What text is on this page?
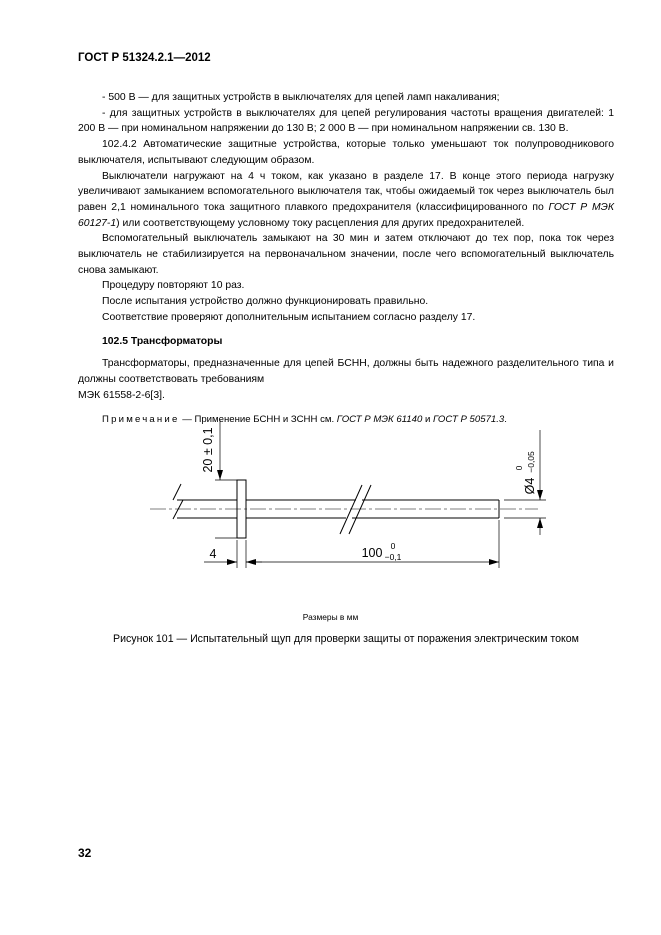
ГОСТ Р 51324.2.1—2012

- 500 В — для защитных устройств в выключателях для цепей ламп накаливания;

- для защитных устройств в выключателях для цепей регулирования частоты вращения двигателей: 1 200 В — при номинальном напряжении до 130 В; 2 000 В — при номинальном напряжении св. 130 В.

102.4.2 Автоматические защитные устройства, которые только уменьшают ток полупроводникового выключателя, испытывают следующим образом.

Выключатели нагружают на 4 ч током, как указано в разделе 17. В конце этого периода нагрузку увеличивают замыканием вспомогательного выключателя так, чтобы ожидаемый ток через выключатель был равен 2,1 номинального тока защитного плавкого предохранителя (классифицированного по ГОСТ Р МЭК 60127-1) или соответствующему условному току расцепления для других предохранителей.

Вспомогательный выключатель замыкают на 30 мин и затем отключают до тех пор, пока ток через выключатель не стабилизируется на первоначальном значении, после чего вспомогательный выключатель снова замыкают.

Процедуру повторяют 10 раз.

После испытания устройство должно функционировать правильно.

Соответствие проверяют дополнительным испытанием согласно разделу 17.

102.5 Трансформаторы

Трансформаторы, предназначенные для цепей БСНН, должны быть надежного разделительного типа и должны соответствовать требованиям

МЭК 61558-2-6[3].

Примечание — Применение БСНН и ЗСНН см. ГОСТ Р МЭК 61140 и ГОСТ Р 50571.3.

20 ± 0,1
Ø4
0 −0,05
4	100 0
−0,1
Размеры в мм
Рисунок 101 — Испытательный щуп для проверки защиты от поражения электрическим током
32
